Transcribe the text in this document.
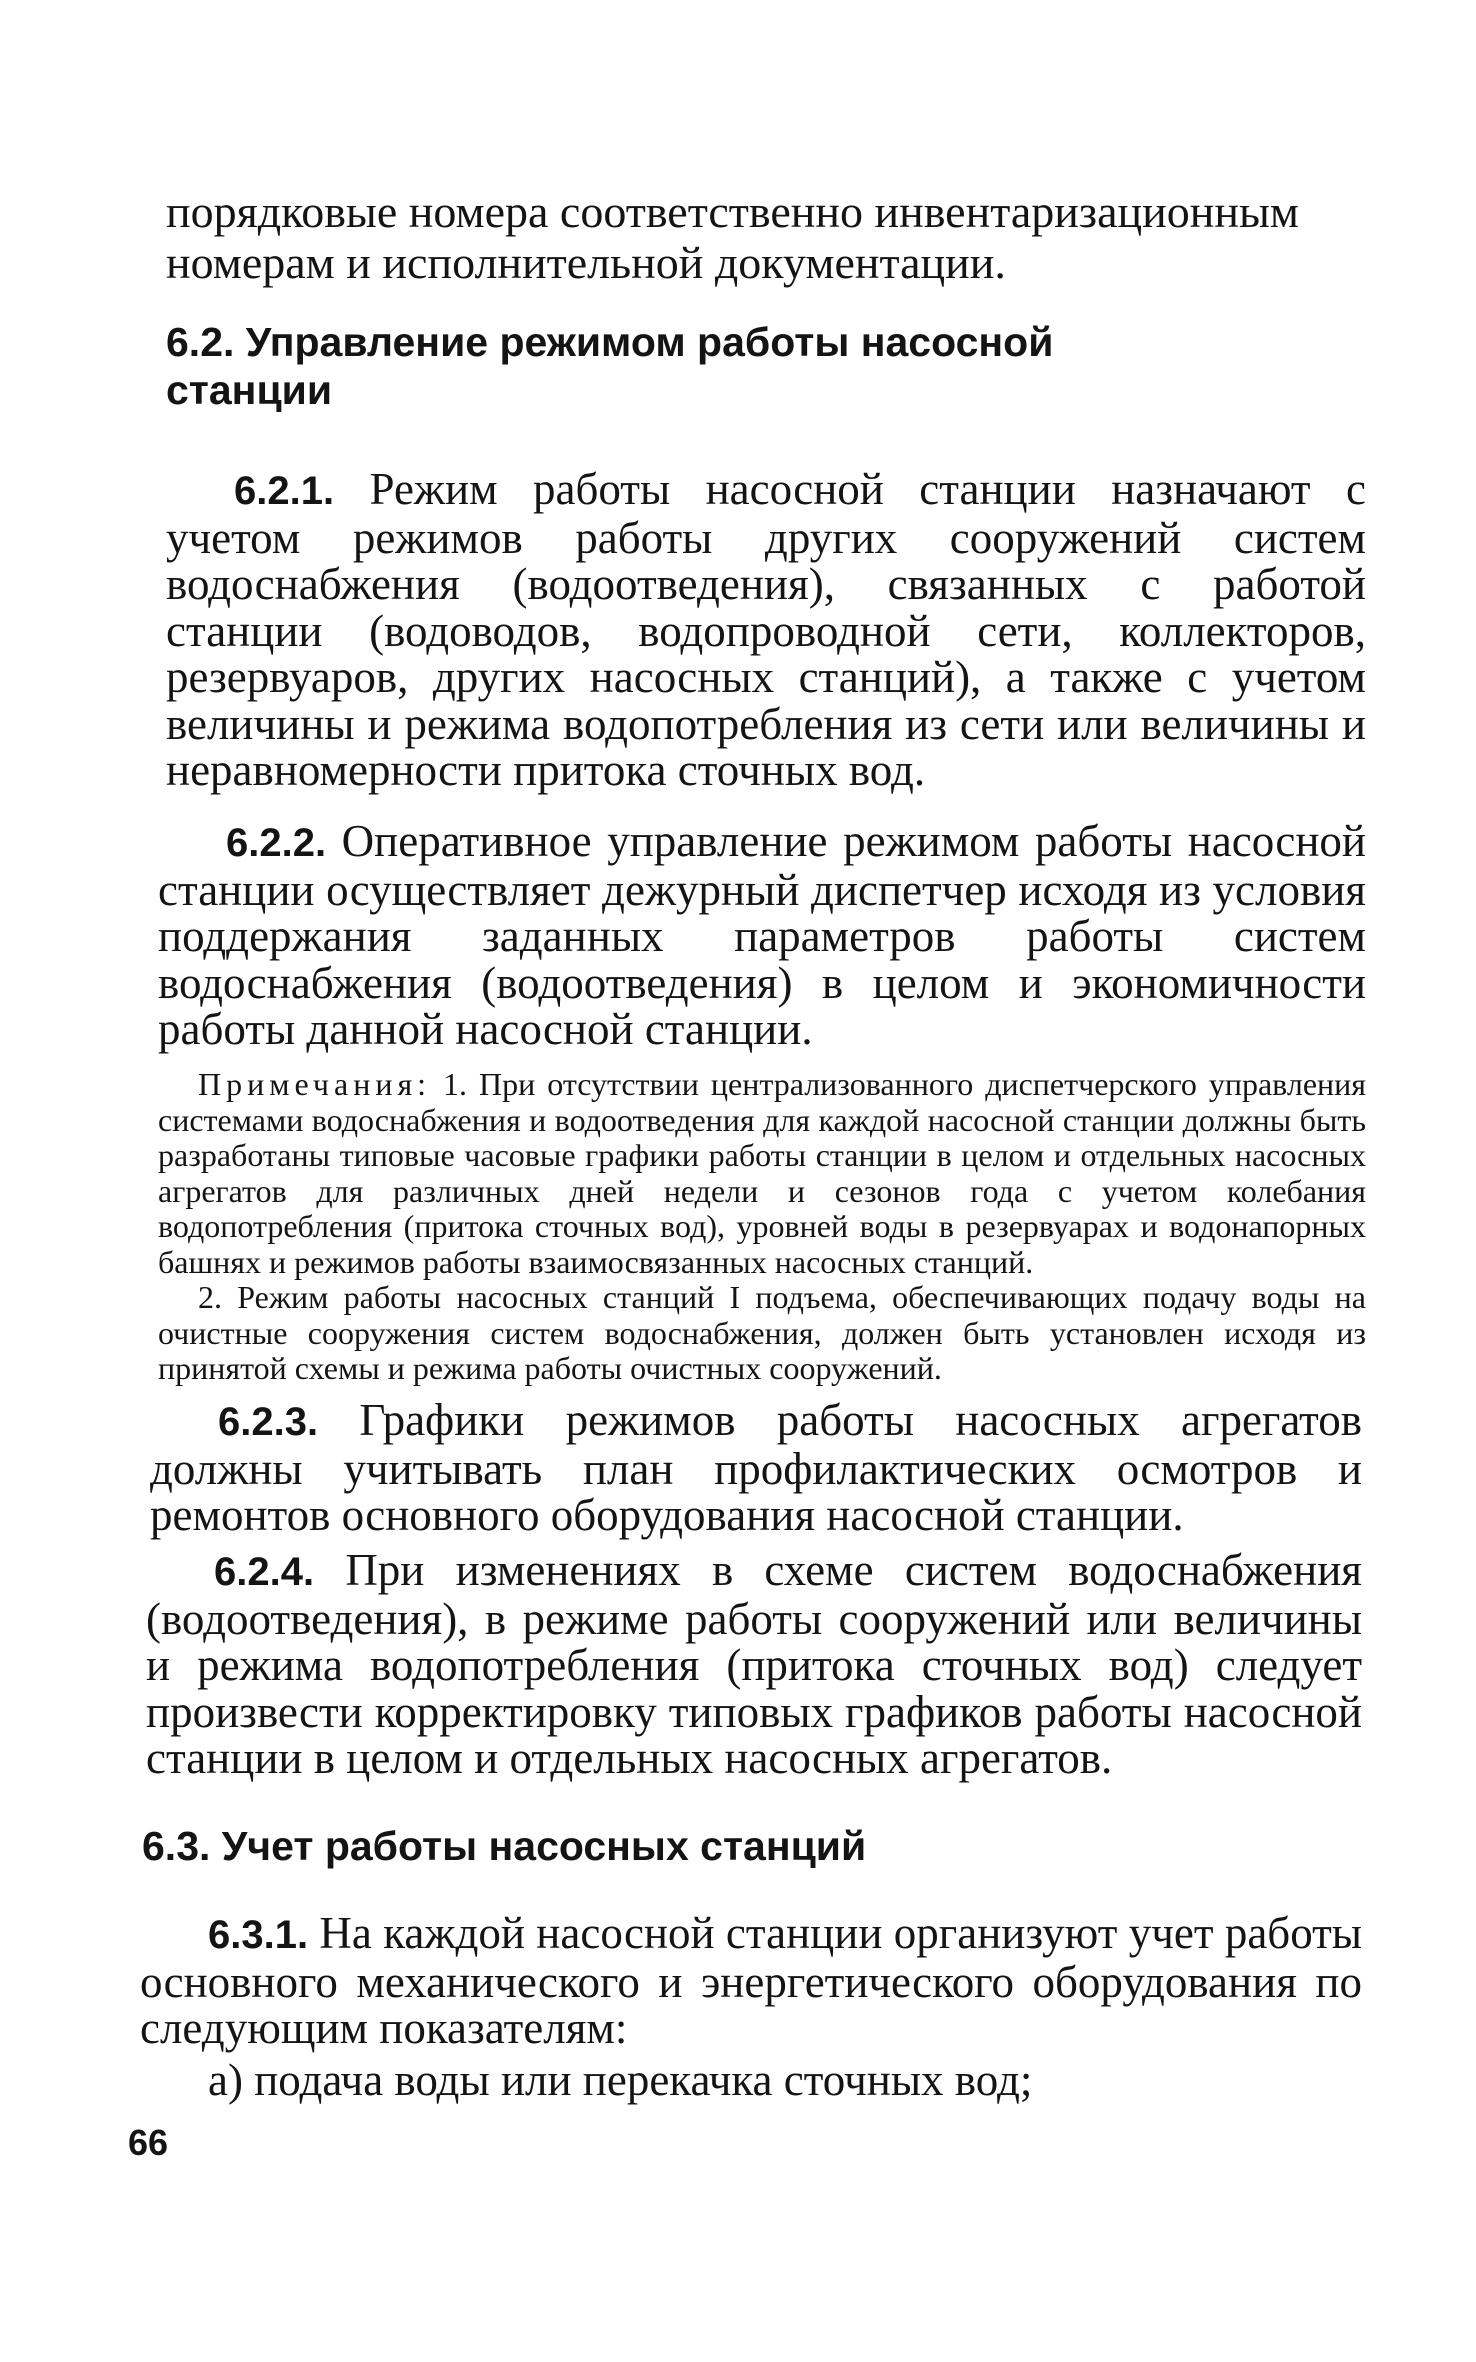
порядковые номера соответственно инвентаризационным номерам и исполнительной документации.

6.2. Управление режимом работы насосной станции

6.2.1. Режим работы насосной станции назначают с учетом режимов работы других сооружений систем водоснабжения (водоотведения), связанных с работой станции (водоводов, водопроводной сети, коллекторов, резервуаров, других насосных станций), а также с учетом величины и режима водопотребления из сети или величины и неравномерности притока сточных вод.

6.2.2. Оперативное управление режимом работы насосной станции осуществляет дежурный диспетчер исходя из условия поддержания заданных параметров работы систем водоснабжения (водоотведения) в целом и экономичности работы данной насосной станции.

Примечания: 1. При отсутствии централизованного диспетчерского управления системами водоснабжения и водоотведения для каждой насосной станции должны быть разработаны типовые часовые графики работы станции в целом и отдельных насосных агрегатов для различных дней недели и сезонов года с учетом колебания водопотребления (притока сточных вод), уровней воды в резервуарах и водонапорных башнях и режимов работы взаимосвязанных насосных станций.

2. Режим работы насосных станций I подъема, обеспечивающих подачу воды на очистные сооружения систем водоснабжения, должен быть установлен исходя из принятой схемы и режима работы очистных сооружений.

6.2.3. Графики режимов работы насосных агрегатов должны учитывать план профилактических осмотров и ремонтов основного оборудования насосной станции.

6.2.4. При изменениях в схеме систем водоснабжения (водоотведения), в режиме работы сооружений или величины и режима водопотребления (притока сточных вод) следует произвести корректировку типовых графиков работы насосной станции в целом и отдельных насосных агрегатов.

6.3. Учет работы насосных станций

6.3.1. На каждой насосной станции организуют учет работы основного механического и энергетического оборудования по следующим показателям:

а) подача воды или перекачка сточных вод;

66
